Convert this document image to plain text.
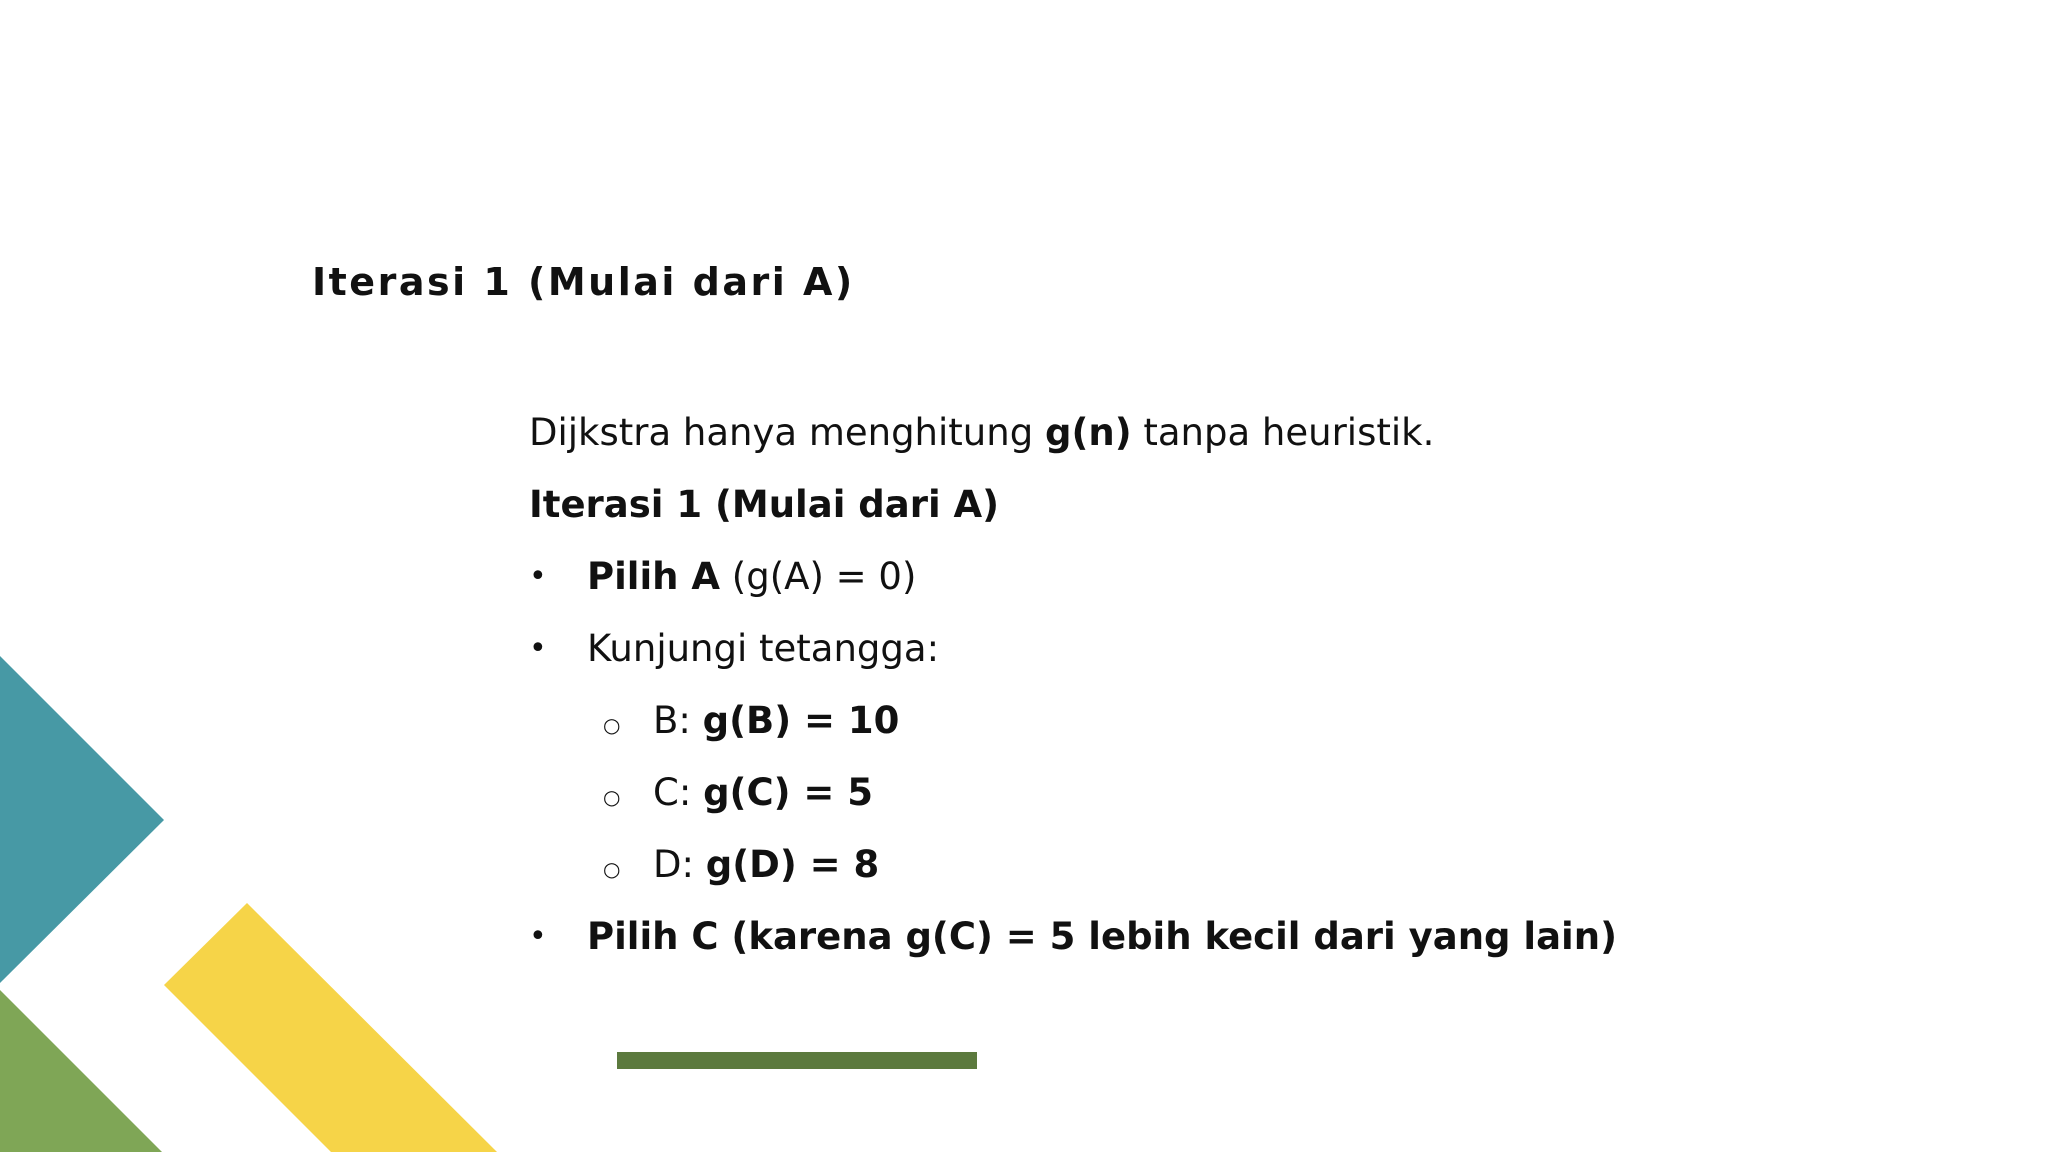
Iterasi 1 (Mulai dari A)

Dijkstra hanya menghitung g(n) tanpa heuristik.

Iterasi 1 (Mulai dari A)

• Pilih A (g(A) = 0)
• Kunjungi tetangga:
○ B: g(B) = 10
○ C: g(C) = 5
○ D: g(D) = 8
• Pilih C (karena g(C) = 5 lebih kecil dari yang lain)
